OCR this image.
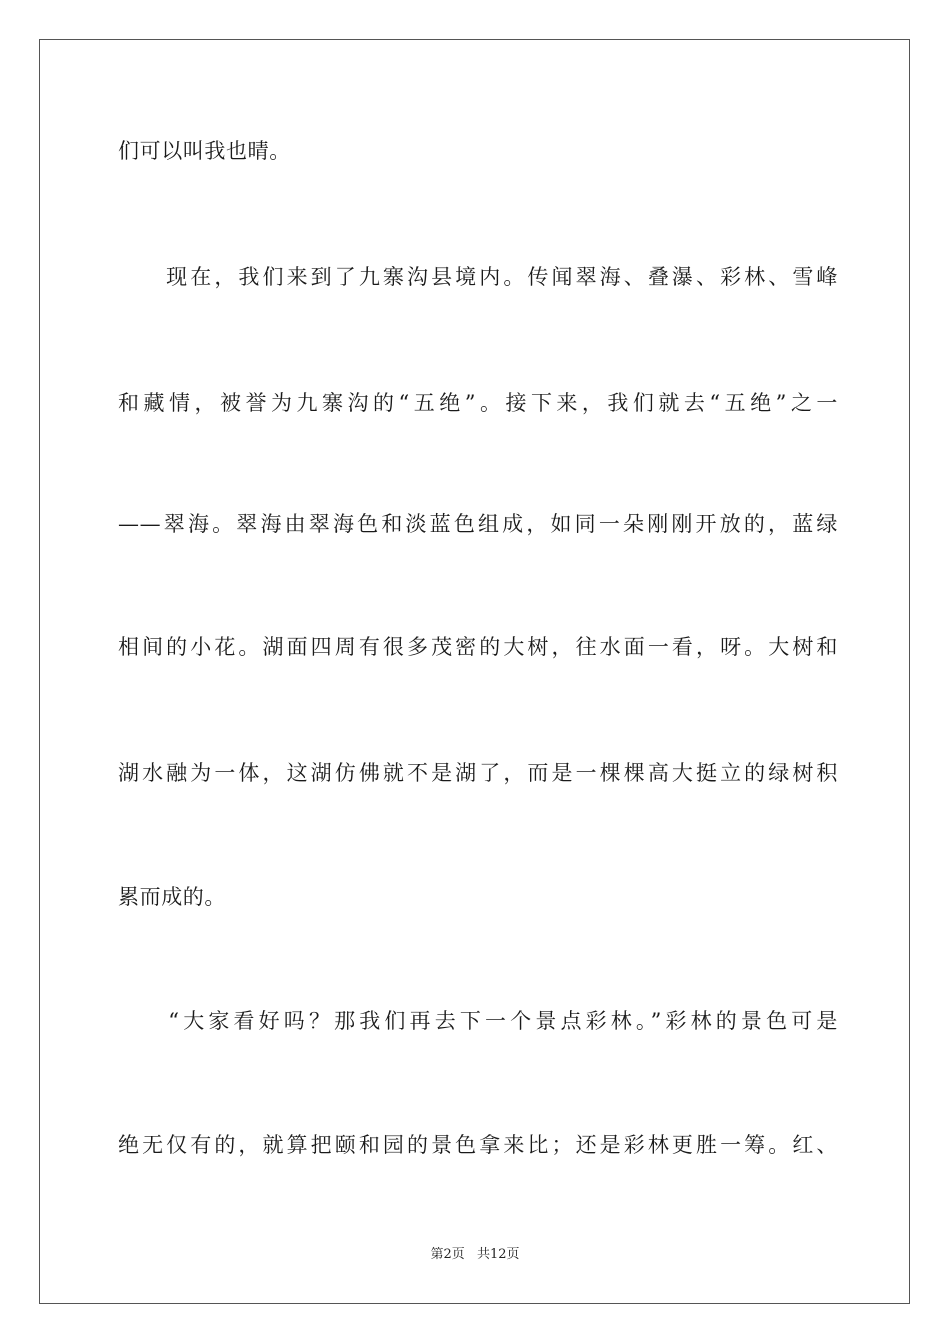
们可以叫我也晴。
　　现在，我们来到了九寨沟县境内。传闻翠海、叠瀑、彩林、雪峰
和藏情，被誉为九寨沟的“五绝”。接下来，我们就去“五绝”之一
——翠海。翠海由翠海色和淡蓝色组成，如同一朵刚刚开放的，蓝绿
相间的小花。湖面四周有很多茂密的大树，往水面一看，呀。大树和
湖水融为一体，这湖仿佛就不是湖了，而是一棵棵高大挺立的绿树积
累而成的。
　　“大家看好吗？那我们再去下一个景点彩林。”彩林的景色可是
绝无仅有的，就算把颐和园的景色拿来比；还是彩林更胜一筹。红、
第2页 共12页
